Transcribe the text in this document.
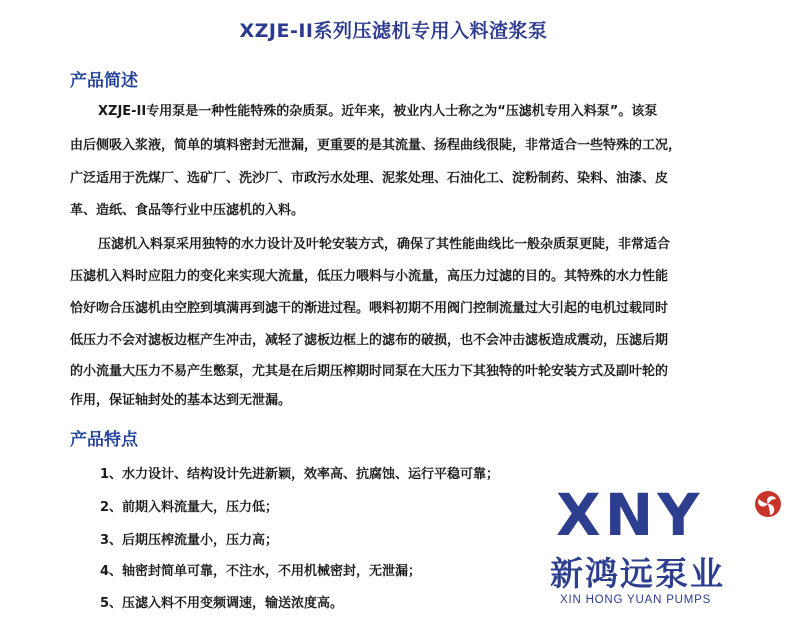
XZJE-II系列压滤机专用入料渣浆泵
产品简述
XZJE-II专用泵是一种性能特殊的杂质泵。近年来，被业内人士称之为“压滤机专用入料泵”。该泵
由后侧吸入浆液，简单的填料密封无泄漏，更重要的是其流量、扬程曲线很陡，非常适合一些特殊的工况，
广泛适用于洗煤厂、选矿厂、洗沙厂、市政污水处理、泥浆处理、石油化工、淀粉制药、染料、油漆、皮
革、造纸、食品等行业中压滤机的入料。
压滤机入料泵采用独特的水力设计及叶轮安装方式，确保了其性能曲线比一般杂质泵更陡，非常适合
压滤机入料时应阻力的变化来实现大流量，低压力喂料与小流量，高压力过滤的目的。其特殊的水力性能
恰好吻合压滤机由空腔到填满再到滤干的渐进过程。喂料初期不用阀门控制流量过大引起的电机过载同时
低压力不会对滤板边框产生冲击，减轻了滤板边框上的滤布的破损，也不会冲击滤板造成震动，压滤后期
的小流量大压力不易产生憋泵，尤其是在后期压榨期时同泵在大压力下其独特的叶轮安装方式及副叶轮的
作用，保证轴封处的基本达到无泄漏。
产品特点
1、水力设计、结构设计先进新颖，效率高、抗腐蚀、运行平稳可靠；
2、前期入料流量大，压力低；
3、后期压榨流量小，压力高；
4、轴密封简单可靠，不注水，不用机械密封，无泄漏；
5、压滤入料不用变频调速，输送浓度高。
XNY
新鸿远泵业
XIN HONG YUAN PUMPS
